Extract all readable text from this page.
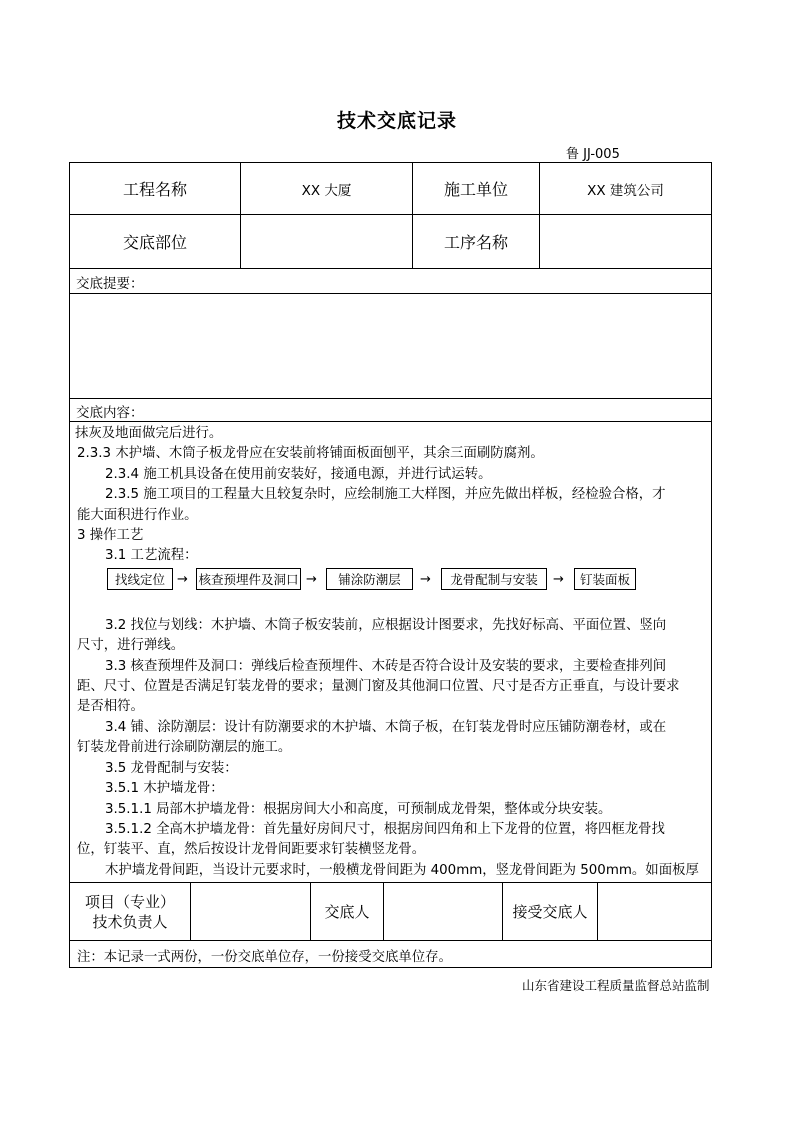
技术交底记录
鲁 JJ-005
工程名称	XX 大厦	施工单位	XX 建筑公司
交底部位	工序名称
交底提要：
交底内容：
抹灰及地面做完后进行。
2.3.3 木护墙、木筒子板龙骨应在安装前将铺面板面刨平，其余三面刷防腐剂。
2.3.4 施工机具设备在使用前安装好，接通电源，并进行试运转。
2.3.5 施工项目的工程量大且较复杂时，应绘制施工大样图，并应先做出样板，经检验合格，才
能大面积进行作业。
3 操作工艺
3.1 工艺流程：
3.2 找位与划线：木护墙、木筒子板安装前，应根据设计图要求，先找好标高、平面位置、竖向
尺寸，进行弹线。
3.3 核查预埋件及洞口：弹线后检查预埋件、木砖是否符合设计及安装的要求，主要检查排列间
距、尺寸、位置是否满足钉装龙骨的要求；量测门窗及其他洞口位置、尺寸是否方正垂直，与设计要求
是否相符。
3.4 铺、涂防潮层：设计有防潮要求的木护墙、木筒子板，在钉装龙骨时应压铺防潮卷材，或在
钉装龙骨前进行涂刷防潮层的施工。
3.5 龙骨配制与安装：
3.5.1 木护墙龙骨：
3.5.1.1 局部木护墙龙骨：根据房间大小和高度，可预制成龙骨架，整体或分块安装。
3.5.1.2 全高木护墙龙骨：首先量好房间尺寸，根据房间四角和上下龙骨的位置，将四框龙骨找
位，钉装平、直，然后按设计龙骨间距要求钉装横竖龙骨。
木护墙龙骨间距，当设计元要求时，一般横龙骨间距为 400mm，竖龙骨间距为 500mm。如面板厚
找线定位 → 核查预埋件及洞口 →	铺涂防潮层	→	龙骨配制与安装	→	钉装面板
项目（专业）
技术负责人
交底人	接受交底人
注：本记录一式两份，一份交底单位存，一份接受交底单位存。
山东省建设工程质量监督总站监制
